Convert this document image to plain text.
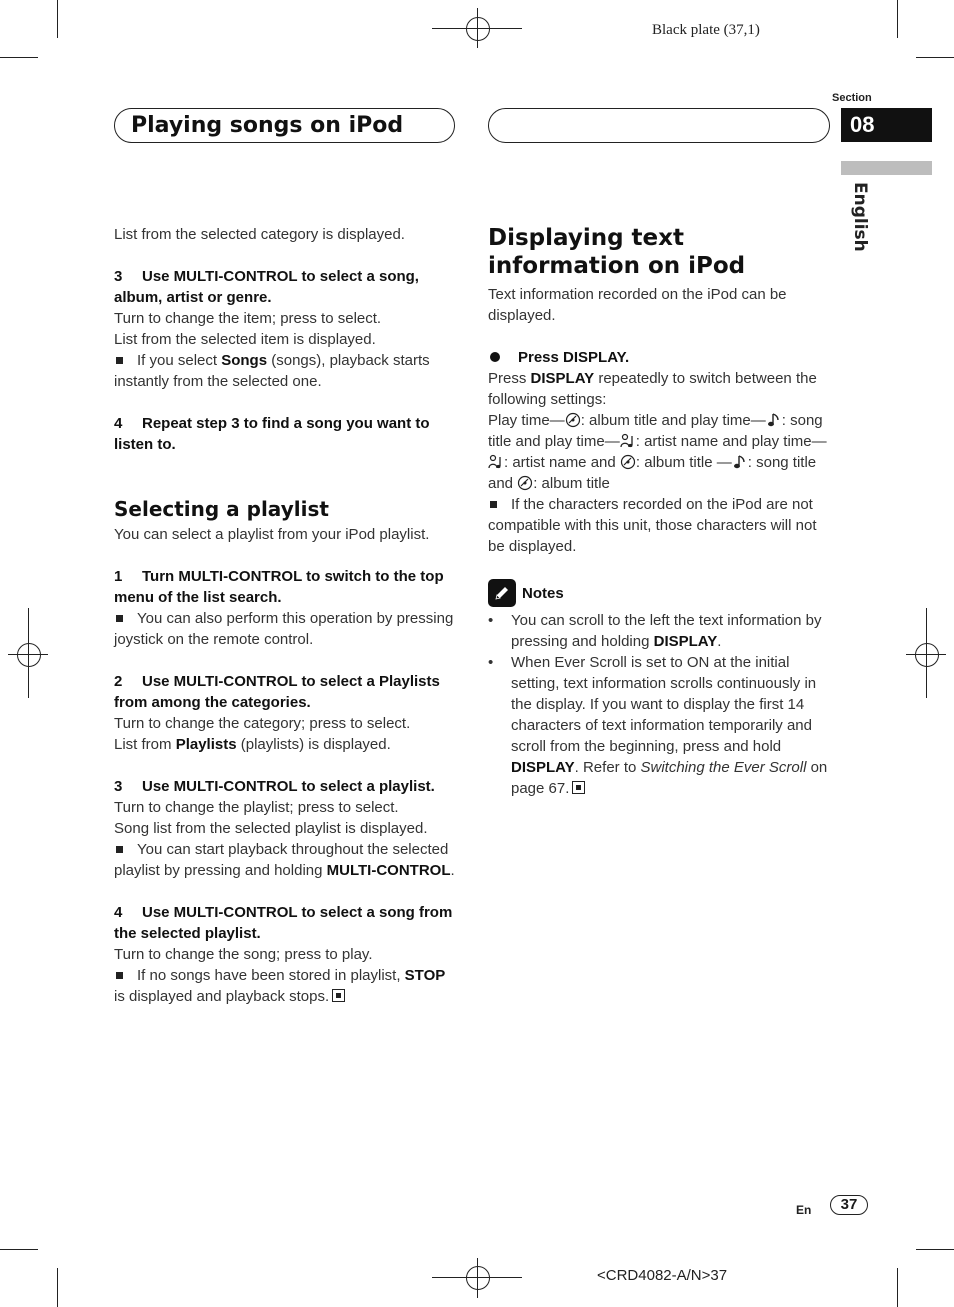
Black plate (37,1)
Playing songs on iPod
Section
08
English

List from the selected category is displayed.

3 Use MULTI-CONTROL to select a song, album, artist or genre.

Turn to change the item; press to select.

List from the selected item is displayed.

If you select Songs (songs), playback starts instantly from the selected one.

4 Repeat step 3 to find a song you want to listen to.

Selecting a playlist

You can select a playlist from your iPod playlist.

1 Turn MULTI-CONTROL to switch to the top menu of the list search.

You can also perform this operation by pressing joystick on the remote control.

2 Use MULTI-CONTROL to select a Playlists from among the categories.

Turn to change the category; press to select.

List from Playlists (playlists) is displayed.

3 Use MULTI-CONTROL to select a playlist.

Turn to change the playlist; press to select.

Song list from the selected playlist is displayed.

You can start playback throughout the selected playlist by pressing and holding MULTI-CONTROL.

4 Use MULTI-CONTROL to select a song from the selected playlist.

Turn to change the song; press to play.

If no songs have been stored in playlist, STOP is displayed and playback stops.

Displaying text information on iPod

Text information recorded on the iPod can be displayed.

Press DISPLAY.

Press DISPLAY repeatedly to switch between the following settings:

Play time— : album title and play time— : song title and play time— : artist name and play time—: artist name and : album title — : song title and : album title

If the characters recorded on the iPod are not compatible with this unit, those characters will not be displayed.

Notes
• You can scroll to the left the text information by pressing and holding DISPLAY.
• When Ever Scroll is set to ON at the initial setting, text information scrolls continuously in the display. If you want to display the first 14 characters of text information temporarily and scroll from the beginning, press and hold DISPLAY. Refer to Switching the Ever Scroll on page 67.
En	37
<CRD4082-A/N>37
